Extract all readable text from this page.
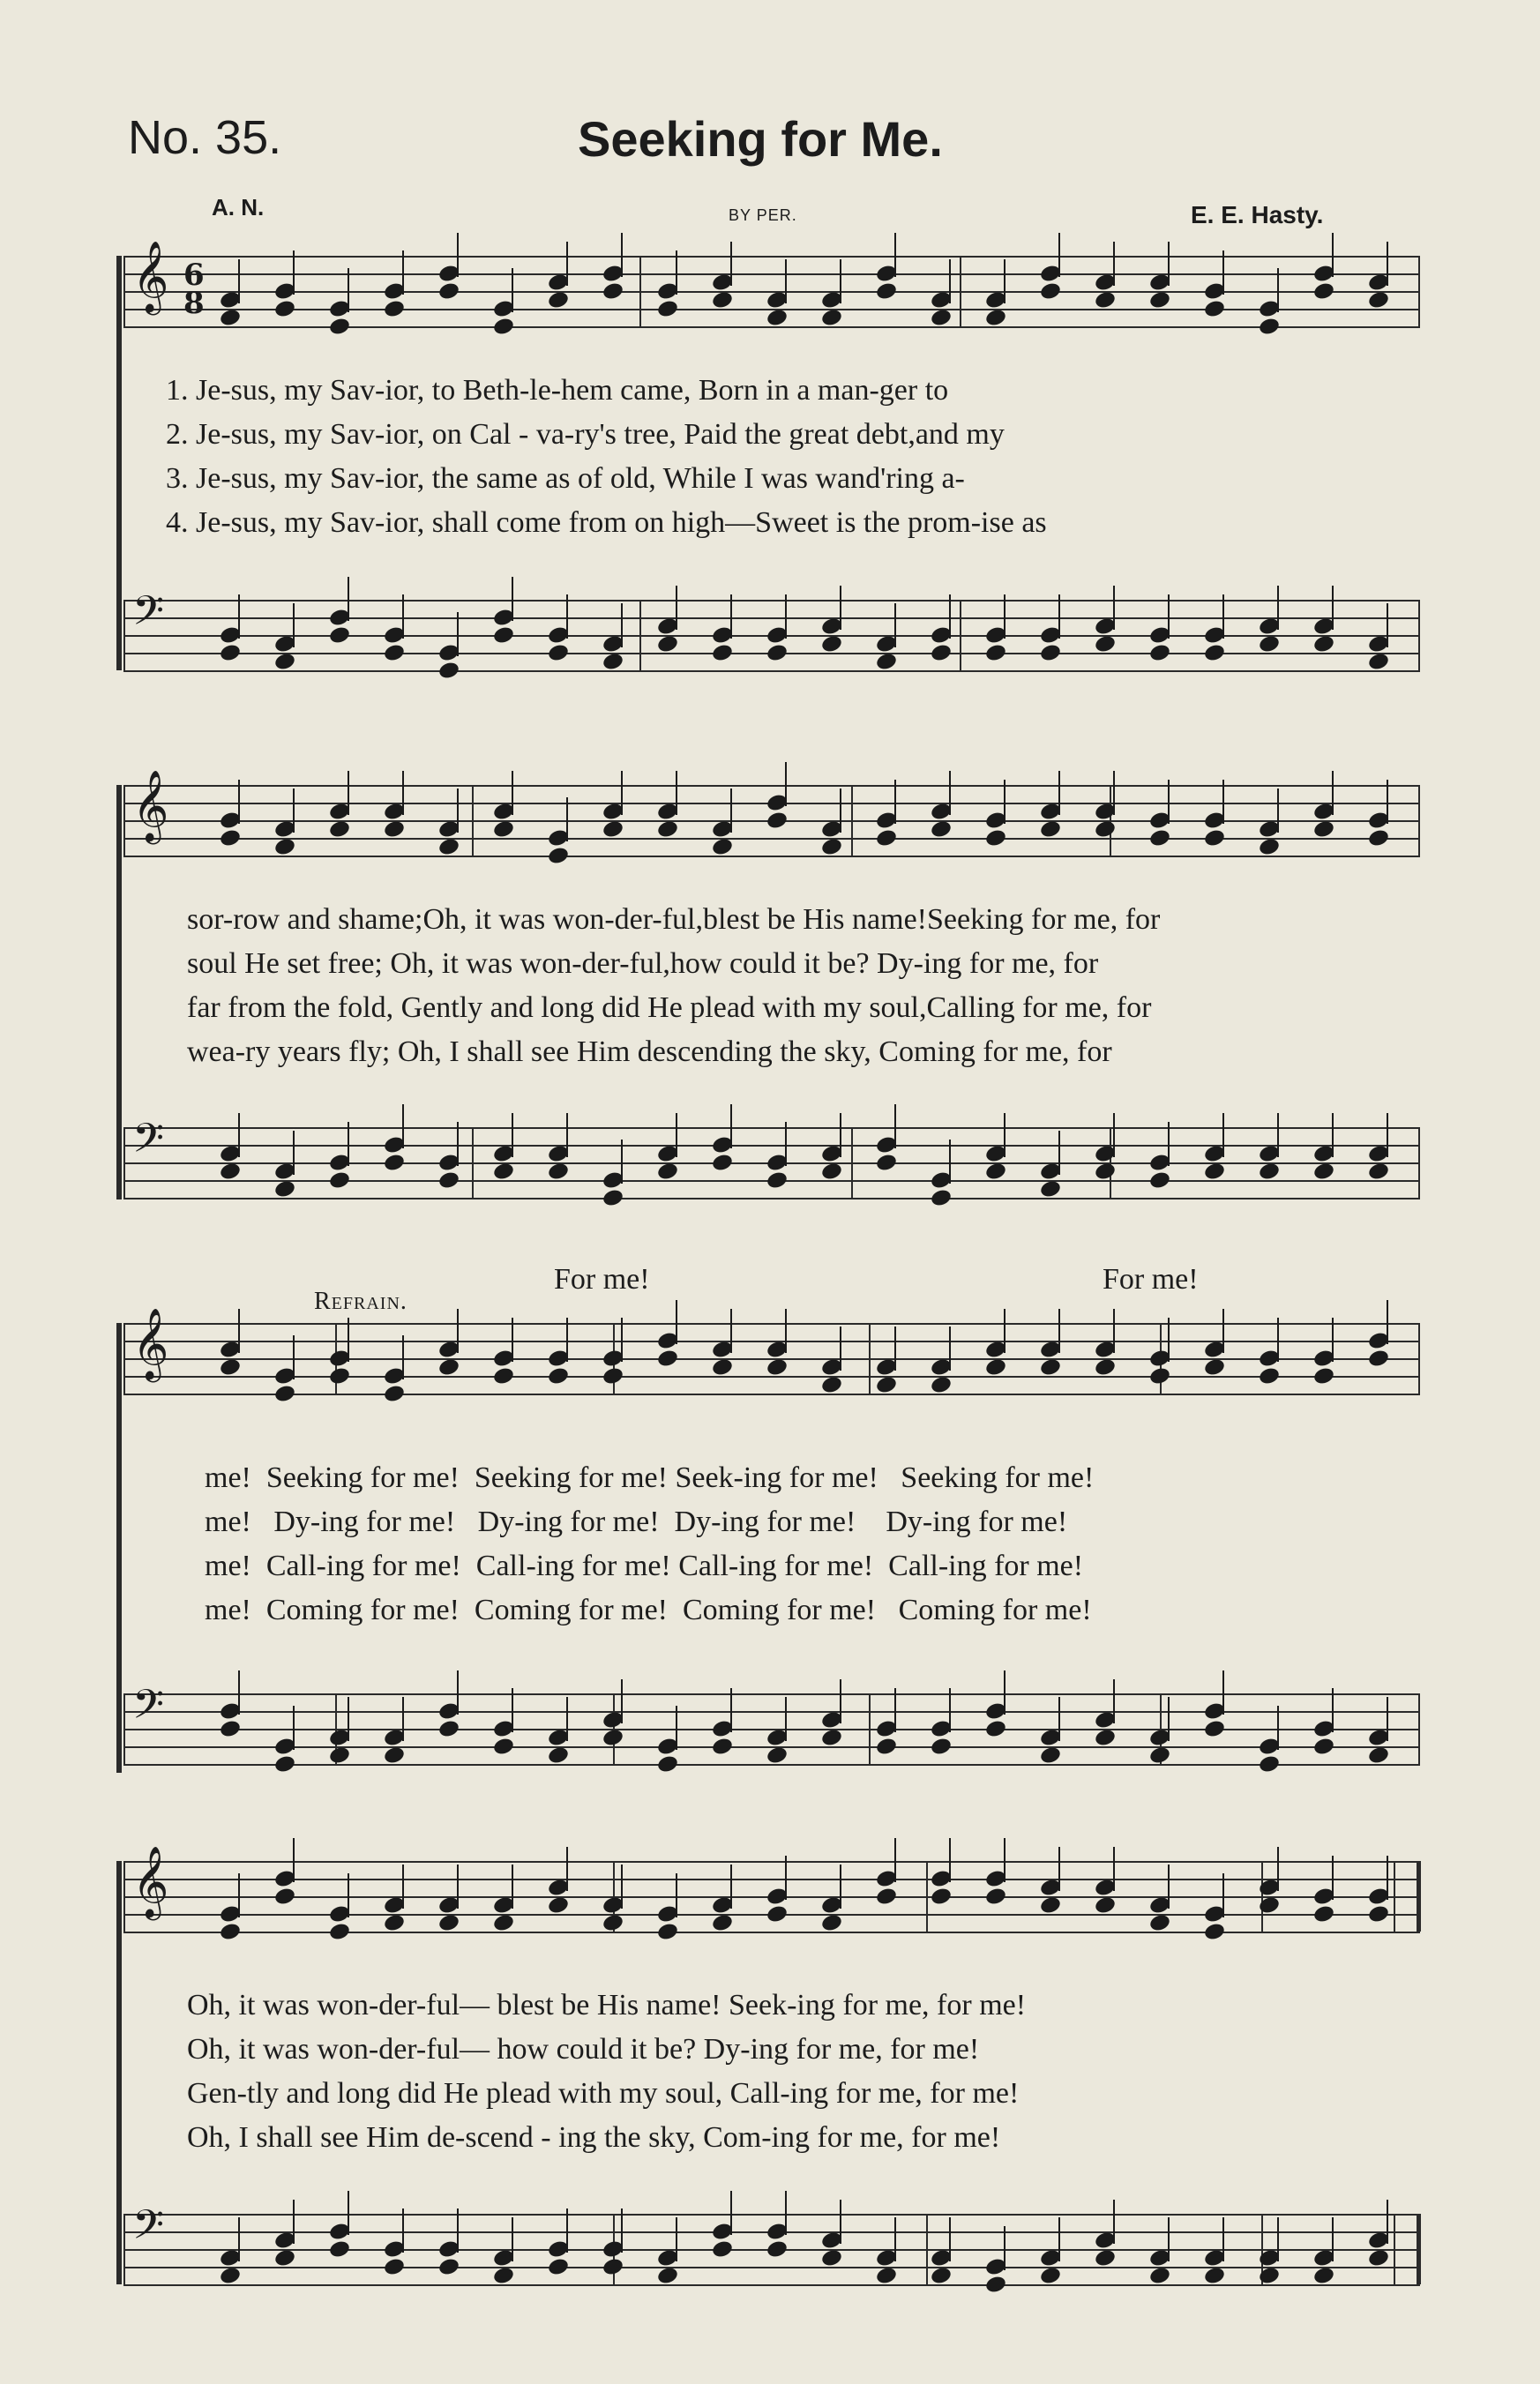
No. 35.	Seeking for Me.
A. N.	BY PER.	E. E. Hasty.
𝄞 6
8
1. Je-sus, my Sav-ior, to Beth-le-hem came, Born in a man-ger to
2. Je-sus, my Sav-ior, on Cal - va-ry's tree, Paid the great debt,and my
3. Je-sus, my Sav-ior, the same as of old, While I was wand'ring a-
4. Je-sus, my Sav-ior, shall come from on high—Sweet is the prom-ise as
𝄢
𝄞
sor-row and shame;Oh, it was won-der-ful,blest be His name!Seeking for me, for
soul He set free; Oh, it was won-der-ful,how could it be? Dy-ing for me, for
far from the fold, Gently and long did He plead with my soul,Calling for me, for
wea-ry years fly; Oh, I shall see Him descending the sky, Coming for me, for
𝄢
Refrain.
For me!	For me!
𝄞
me!  Seeking for me!  Seeking for me! Seek-ing for me!   Seeking for me!
me!   Dy-ing for me!   Dy-ing for me!  Dy-ing for me!    Dy-ing for me!
me!  Call-ing for me!  Call-ing for me! Call-ing for me!  Call-ing for me!
me!  Coming for me!  Coming for me!  Coming for me!   Coming for me!
𝄢
𝄞
Oh, it was won-der-ful— blest be His name! Seek-ing for me, for me!
Oh, it was won-der-ful— how could it be? Dy-ing for me, for me!
Gen-tly and long did He plead with my soul, Call-ing for me, for me!
Oh, I shall see Him de-scend - ing the sky, Com-ing for me, for me!
𝄢
